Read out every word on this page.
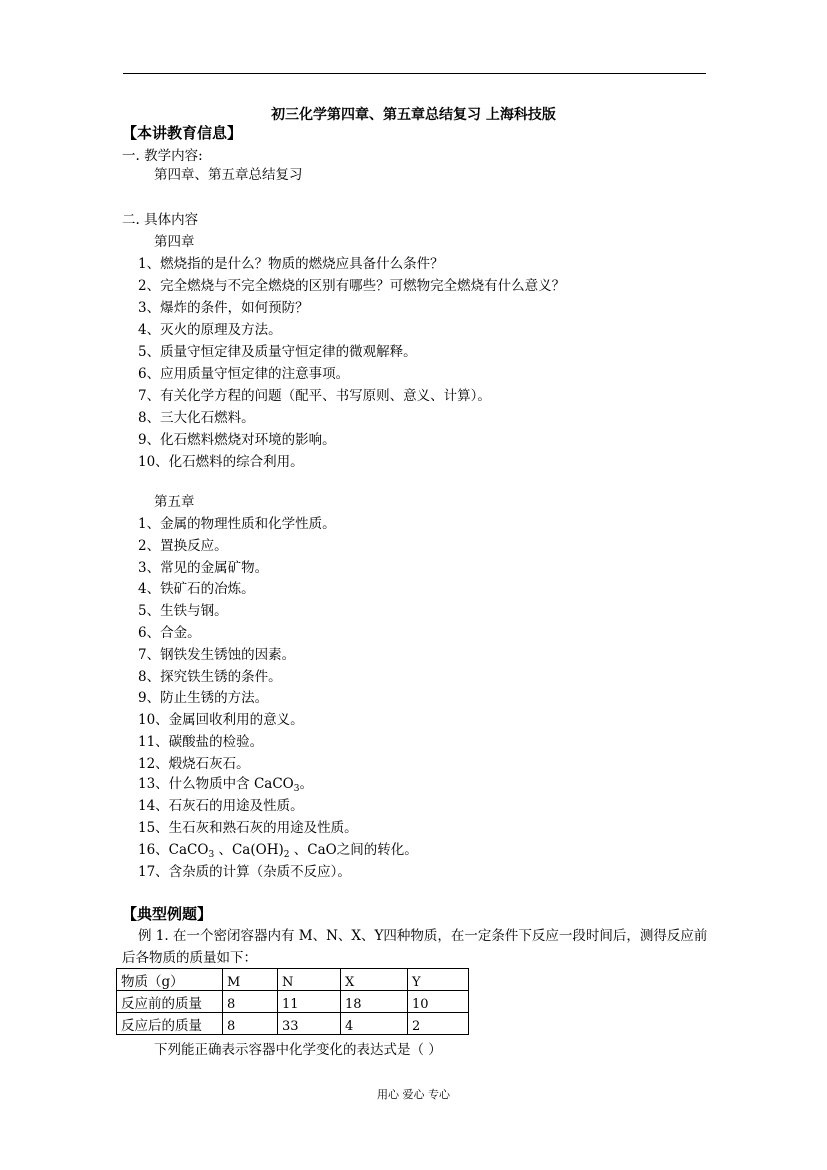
初三化学第四章、第五章总结复习 上海科技版
【本讲教育信息】
一. 教学内容:
第四章、第五章总结复习
二. 具体内容
第四章
1、燃烧指的是什么？物质的燃烧应具备什么条件？
2、完全燃烧与不完全燃烧的区别有哪些？可燃物完全燃烧有什么意义？
3、爆炸的条件，如何预防？
4、灭火的原理及方法。
5、质量守恒定律及质量守恒定律的微观解释。
6、应用质量守恒定律的注意事项。
7、有关化学方程的问题（配平、书写原则、意义、计算）。
8、三大化石燃料。
9、化石燃料燃烧对环境的影响。
10、化石燃料的综合利用。
第五章
1、金属的物理性质和化学性质。
2、置换反应。
3、常见的金属矿物。
4、铁矿石的冶炼。
5、生铁与钢。
6、合金。
7、钢铁发生锈蚀的因素。
8、探究铁生锈的条件。
9、防止生锈的方法。
10、金属回收利用的意义。
11、碳酸盐的检验。
12、煅烧石灰石。
13、什么物质中含 CaCO$_3$。
14、石灰石的用途及性质。
15、生石灰和熟石灰的用途及性质。
16、CaCO$_3$ 、$Ca(OH)_2$ 、CaO之间的转化。
17、含杂质的计算（杂质不反应）。
【典型例题】
例 1. 在一个密闭容器内有 M、N、X、Y四种物质，在一定条件下反应一段时间后，测得反应前后各物质的质量如下：
物质（g）	M	N	X	Y
反应前的质量	8	11	18	10
反应后的质量	8	33	4	2
下列能正确表示容器中化学变化的表达式是（ ）
用心 爱心 专心
